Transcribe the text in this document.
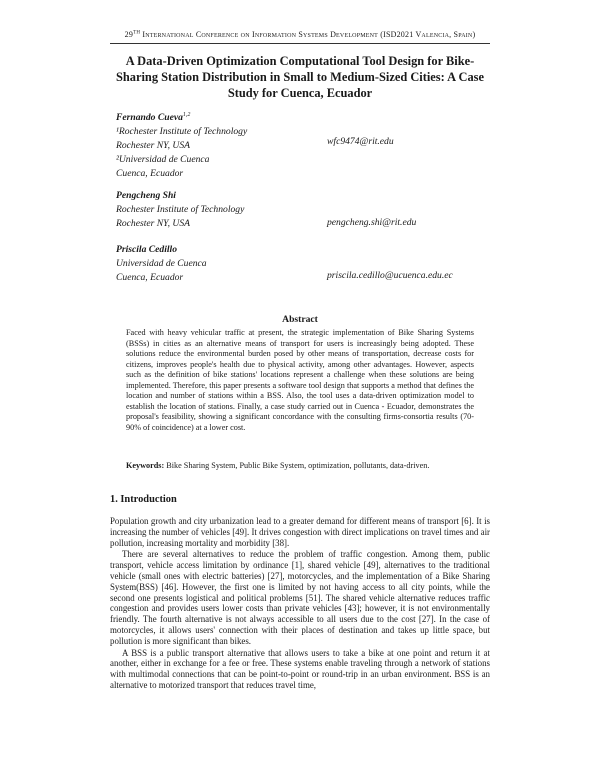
29TH International Conference on Information Systems Development (ISD2021 Valencia, Spain)
A Data-Driven Optimization Computational Tool Design for Bike-Sharing Station Distribution in Small to Medium-Sized Cities: A Case Study for Cuenca, Ecuador
Fernando Cueva$^{1,2}$
¹Rochester Institute of Technology
Rochester NY, USA
²Universidad de Cuenca
Cuenca, Ecuador
wfc9474@rit.edu
Pengcheng Shi
Rochester Institute of Technology
Rochester NY, USA	pengcheng.shi@rit.edu
Priscila Cedillo
Universidad de Cuenca
Cuenca, Ecuador	priscila.cedillo@ucuenca.edu.ec
Abstract
Faced with heavy vehicular traffic at present, the strategic implementation of Bike Sharing Systems (BSSs) in cities as an alternative means of transport for users is increasingly being adopted. These solutions reduce the environmental burden posed by other means of transportation, decrease costs for citizens, improves people's health due to physical activity, among other advantages. However, aspects such as the definition of bike stations' locations represent a challenge when these solutions are being implemented. Therefore, this paper presents a software tool design that supports a method that defines the location and number of stations within a BSS. Also, the tool uses a data-driven optimization model to establish the location of stations. Finally, a case study carried out in Cuenca - Ecuador, demonstrates the proposal's feasibility, showing a significant concordance with the consulting firms-consortia results (70-90% of coincidence) at a lower cost.
Keywords: Bike Sharing System, Public Bike System, optimization, pollutants, data-driven.
1. Introduction

Population growth and city urbanization lead to a greater demand for different means of transport [6]. It is increasing the number of vehicles [49]. It drives congestion with direct implications on travel times and air pollution, increasing mortality and morbidity [38].

There are several alternatives to reduce the problem of traffic congestion. Among them, public transport, vehicle access limitation by ordinance [1], shared vehicle [49], alternatives to the traditional vehicle (small ones with electric batteries) [27], motorcycles, and the implementation of a Bike Sharing System(BSS) [46]. However, the first one is limited by not having access to all city points, while the second one presents logistical and political problems [51]. The shared vehicle alternative reduces traffic congestion and provides users lower costs than private vehicles [43]; however, it is not environmentally friendly. The fourth alternative is not always accessible to all users due to the cost [27]. In the case of motorcycles, it allows users' connection with their places of destination and takes up little space, but pollution is more significant than bikes.

A BSS is a public transport alternative that allows users to take a bike at one point and return it at another, either in exchange for a fee or free. These systems enable traveling through a network of stations with multimodal connections that can be point-to-point or round-trip in an urban environment. BSS is an alternative to motorized transport that reduces travel time,
